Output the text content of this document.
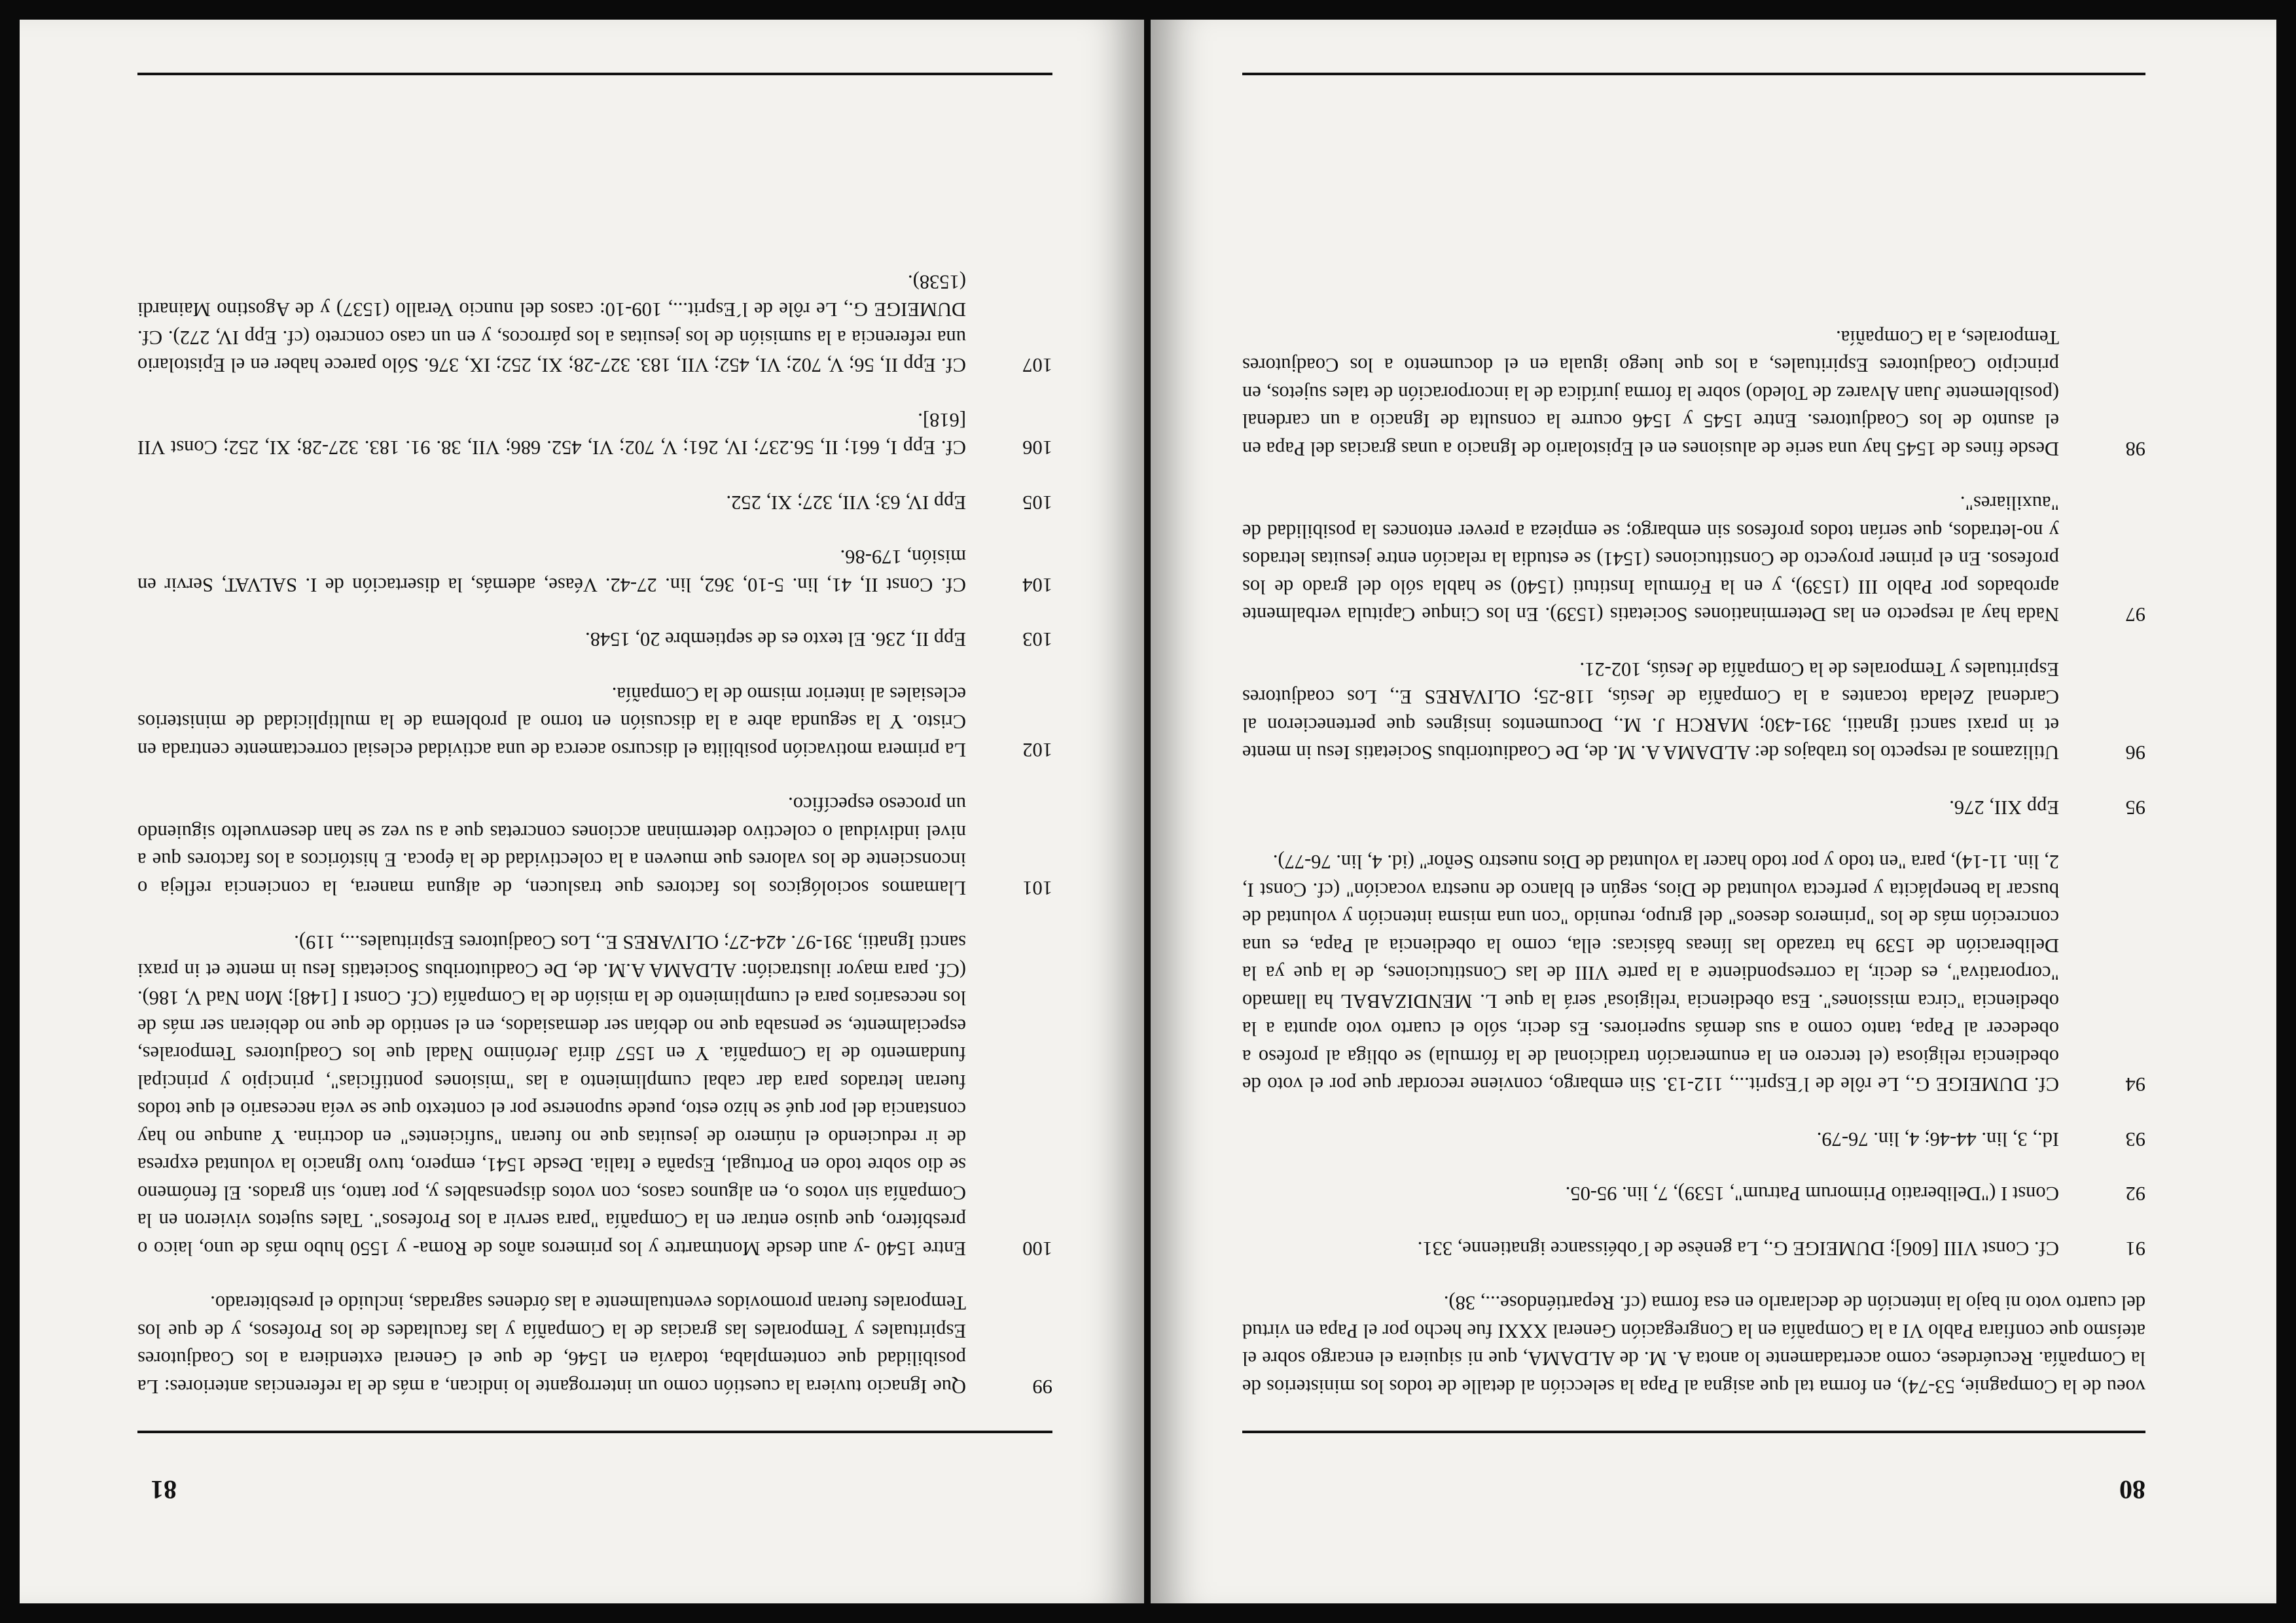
80
voeu de la Compagnie, 53-74), en forma tal que asigna al Papa la selección al detalle de todos los ministerios de la Compañía. Recuérdese, como acertadamente lo anota A. M. de ALDAMA, que ni siquiera el encargo sobre el ateísmo que confiara Pablo VI a la Compañía en la Congregación General XXXI fue hecho por el Papa en virtud del cuarto voto ni bajo la intención de declararlo en esa forma (cf. Repartiéndose..., 38).
91
Cf. Const VIII [606]; DUMEIGE G., La genèse de l´obéissance ignatienne, 331.
92
Const I ("Deliberatio Primorum Patrum", 1539), 7, lin. 95-05.
93
Id., 3, lin. 44-46; 4, lin. 76-79.
94
Cf. DUMEIGE G., Le rôle de l´Esprit..., 112-13. Sin embargo, conviene recordar que por el voto de obediencia religiosa (el tercero en la enumeración tradicional de la fórmula) se obliga al profeso a obedecer al Papa, tanto como a sus demás superiores. Es decir, sólo el cuarto voto apunta a la obediencia "circa missiones". Esa obediencia 'religiosa' será la que L. MENDIZABAL ha llamado "corporativa", es decir, la correspondiente a la parte VIII de las Constituciones, de la que ya la Deliberación de 1539 ha trazado las líneas básicas: ella, como la obediencia al Papa, es una concreción más de los "primeros deseos" del grupo, reunido "con una misma intención y voluntad de buscar la beneplácita y perfecta voluntad de Dios, según el blanco de nuestra vocación" (cf. Const I, 2, lin. 11-14), para "en todo y por todo hacer la voluntad de Dios nuestro Señor" (id. 4, lin. 76-77).
95
Epp XII, 276.
96
Utilizamos al respecto los trabajos de: ALDAMA A. M. de, De Coadiutoribus Societatis Iesu in mente et in praxi sancti Ignatii, 391-430; MARCH J. M., Documentos insignes que pertenecieron al Cardenal Zelada tocantes a la Compañía de Jesús, 118-25; OLIVARES E., Los coadjutores Espirituales y Temporales de la Compañía de Jesús, 102-21.
97
Nada hay al respecto en las Determinationes Societatis (1539). En los Cinque Capitula verbalmente aprobados por Pablo III (1539), y en la Fórmula Instituti (1540) se habla sólo del grado de los profesos. En el primer proyecto de Constituciones (1541) se estudia la relación entre jesuitas letrados y no-letrados, que serían todos profesos sin embargo; se empieza a prever entonces la posibilidad de "auxiliares".
98
Desde fines de 1545 hay una serie de alusiones en el Epistolario de Ignacio a unas gracias del Papa en el asunto de los Coadjutores. Entre 1545 y 1546 ocurre la consulta de Ignacio a un cardenal (posiblemente Juan Alvarez de Toledo) sobre la forma jurídica de la incorporación de tales sujetos, en principio Coadjutores Espirituales, a los que luego iguala en el documento a los Coadjutores Temporales, a la Compañía.
81
99
Que Ignacio tuviera la cuestión como un interrogante lo indican, a más de la referencias anteriores: La posibilidad que contemplaba, todavía en 1546, de que el General extendiera a los Coadjutores Espirituales y Temporales las gracias de la Compañía y las facultades de los Profesos, y de que los Temporales fueran promovidos eventualmente a las órdenes sagradas, incluido el presbiterado.
100
Entre 1540 -y aun desde Montmartre y los primeros años de Roma- y 1550 hubo más de uno, laico o presbítero, que quiso entrar en la Compañía "para servir a los Profesos". Tales sujetos vivieron en la Compañía sin votos o, en algunos casos, con votos dispensables y, por tanto, sin grados. El fenómeno se dio sobre todo en Portugal, España e Italia. Desde 1541, empero, tuvo Ignacio la voluntad expresa de ir reduciendo el número de jesuitas que no fueran "suficientes" en doctrina. Y aunque no hay constancia del por qué se hizo esto, puede suponerse por el contexto que se veía necesario el que todos fueran letrados para dar cabal cumplimiento a las "misiones pontificias", principio y principal fundamento de la Compañía. Y en 1557 diría Jerónimo Nadal que los Coadjutores Temporales, especialmente, se pensaba que no debían ser demasiados, en el sentido de que no debieran ser más de los necesarios para el cumplimiento de la misión de la Compañía (Cf. Const I [148]; Mon Nad V, 186). (Cf. para mayor ilustración: ALDAMA A.M. de, De Coadiutoribus Societatis Iesu in mente et in praxi sancti Ignatii, 391-97. 424-27; OLIVARES E., Los Coadjutores Espirituales..., 119).
101
Llamamos sociológicos los factores que traslucen, de alguna manera, la conciencia refleja o inconsciente de los valores que mueven a la colectividad de la época. E históricos a los factores que a nivel individual o colectivo determinan acciones concretas que a su vez se han desenvuelto siguiendo un proceso específico.
102
La primera motivación posibilita el discurso acerca de una actividad eclesial correctamente centrada en Cristo. Y la segunda abre a la discusión en torno al problema de la multiplicidad de ministerios eclesiales al interior mismo de la Compañía.
103
Epp II, 236. El texto es de septiembre 20, 1548.
104
Cf. Const II, 41, lin. 5-10, 362, lin. 27-42. Véase, además, la disertación de I. SALVAT, Servir en misión, 179-86.
105
Epp IV, 63; VII, 327; XI, 252.
106
Cf. Epp I, 661; II, 56.237; IV, 261; V, 702; VI, 452. 686; VII, 38. 91. 183. 327-28; XI, 252; Const VII [618].
107
Cf. Epp II, 56; V, 702; VI, 452; VII, 183. 327-28; XI, 252; IX, 376. Sólo parece haber en el Epistolario una referencia a la sumisión de los jesuitas a los párrocos, y en un caso concreto (cf. Epp IV, 272). Cf. DUMEIGE G., Le rôle de l´Esprit..., 109-10: casos del nuncio Verallo (1537) y de Agostino Mainardi (1538).
